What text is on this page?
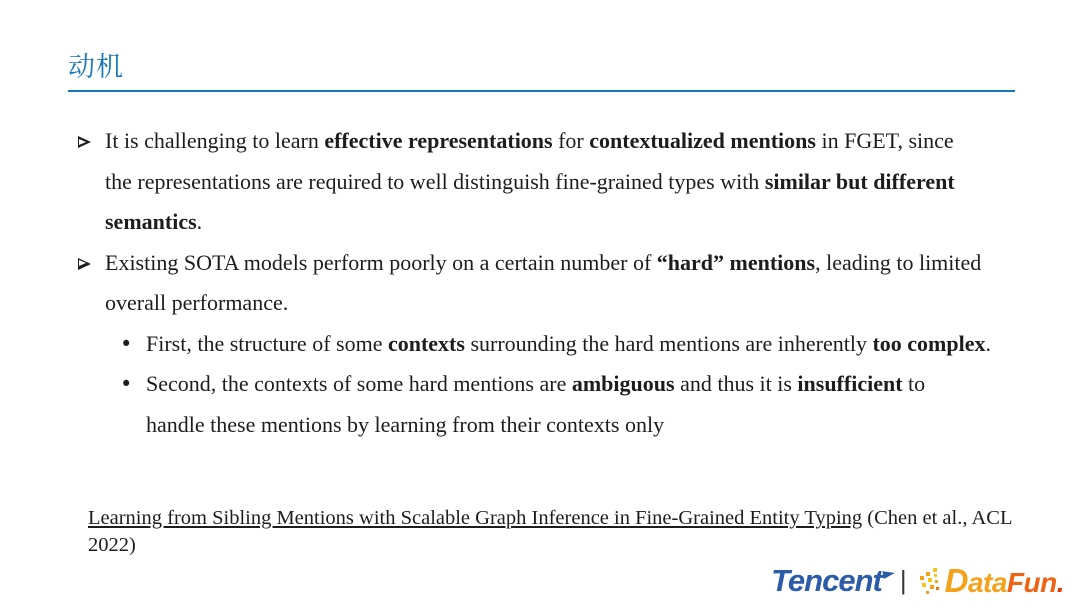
动机
It is challenging to learn effective representations for contextualized mentions in FGET, since
the representations are required to well distinguish fine-grained types with similar but different
semantics.
Existing SOTA models perform poorly on a certain number of “hard” mentions, leading to limited
overall performance.
• First, the structure of some contexts surrounding the hard mentions are inherently too complex.
• Second, the contexts of some hard mentions are ambiguous and thus it is insufficient to
handle these mentions by learning from their contexts only
Learning from Sibling Mentions with Scalable Graph Inference in Fine-Grained Entity Typing (Chen et al., ACL 2022)
Tencent | DataFun.
